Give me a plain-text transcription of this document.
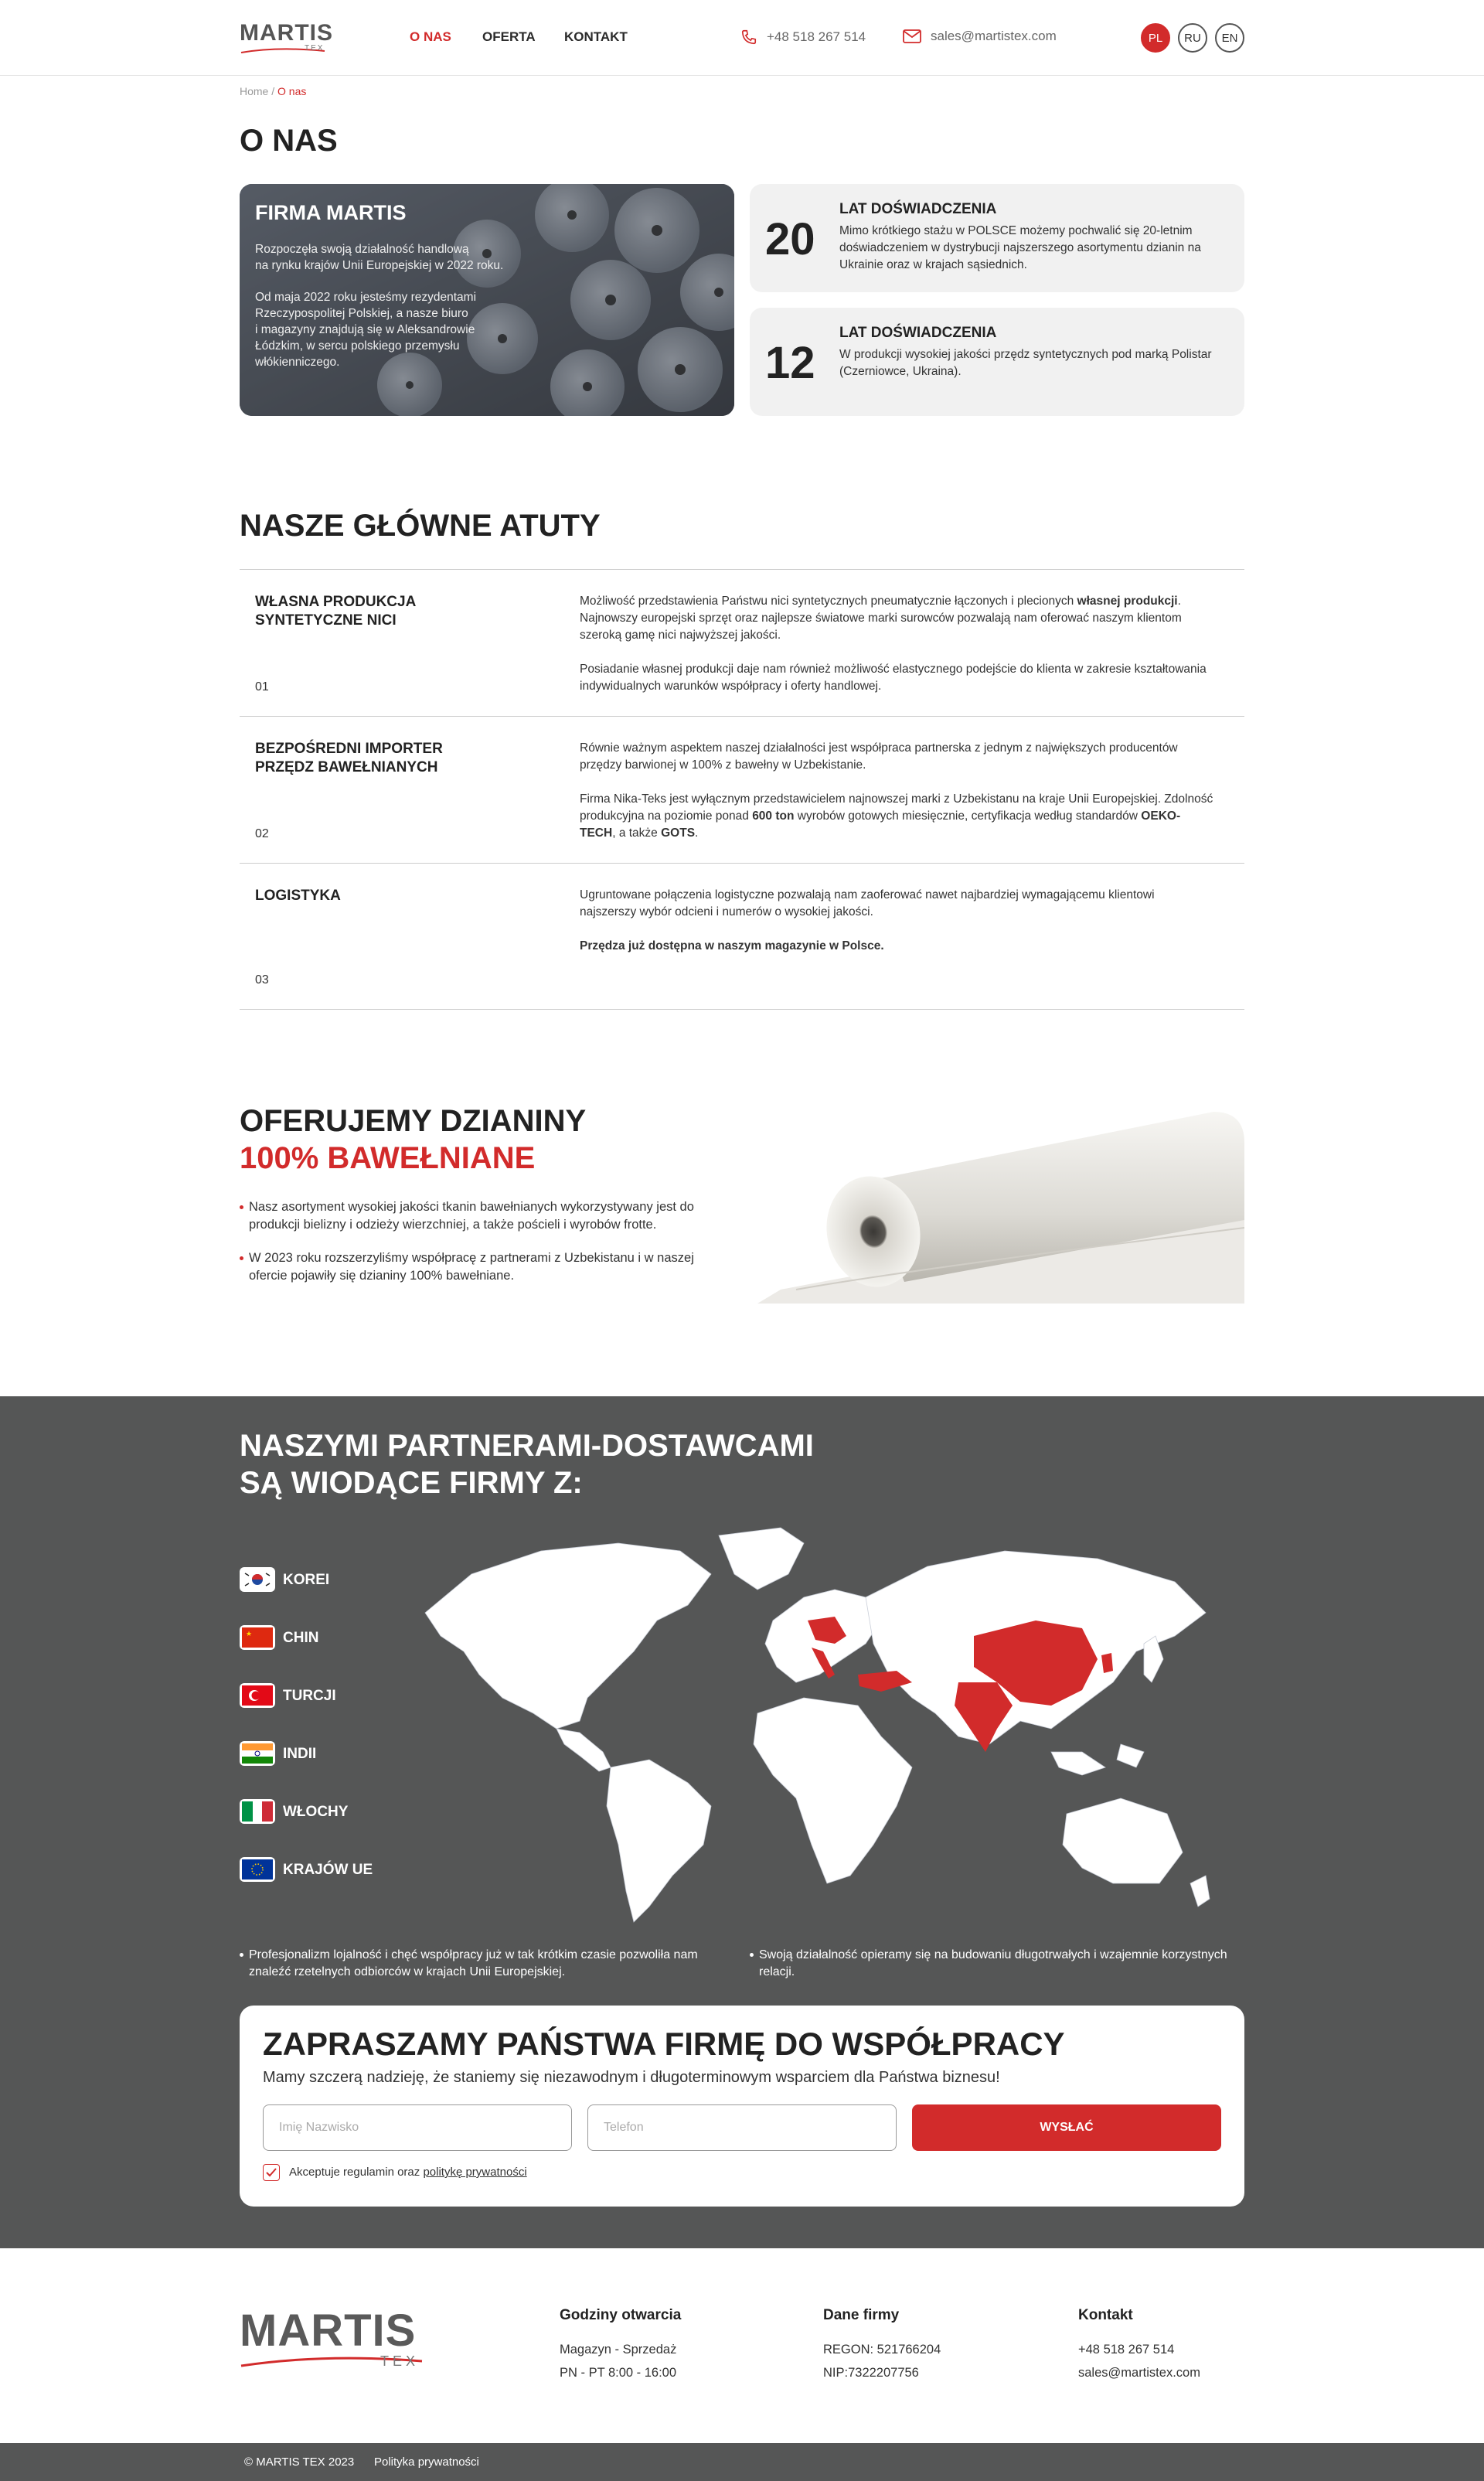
MARTIS
TEX
O NAS OFERTA KONTAKT	+48 518 267 514	sales@martistex.com	PL	RU	EN
Home / O nas
O NAS
FIRMA MARTIS

Rozpoczęła swoją działalność handlową
na rynku krajów Unii Europejskiej w 2022 roku.

Od maja 2022 roku jesteśmy rezydentami
Rzeczypospolitej Polskiej, a nasze biuro
i magazyny znajdują się w Aleksandrowie
Łódzkim, w sercu polskiego przemysłu
włókienniczego.

20
LAT DOŚWIADCZENIA

Mimo krótkiego stażu w POLSCE możemy pochwalić się 20-letnim doświadczeniem w dystrybucji najszerszego asortymentu dzianin na Ukrainie oraz w krajach sąsiednich.

12
LAT DOŚWIADCZENIA

W produkcji wysokiej jakości przędz syntetycznych pod marką Polistar (Czerniowce, Ukraina).

NASZE GŁÓWNE ATUTY
WŁASNA PRODUKCJA SYNTETYCZNE NICI
01

Możliwość przedstawienia Państwu nici syntetycznych pneumatycznie łączonych i plecionych własnej produkcji. Najnowszy europejski sprzęt oraz najlepsze światowe marki surowców pozwalają nam oferować naszym klientom szeroką gamę nici najwyższej jakości.

Posiadanie własnej produkcji daje nam również możliwość elastycznego podejście do klienta w zakresie kształtowania indywidualnych warunków współpracy i oferty handlowej.

BEZPOŚREDNI IMPORTER PRZĘDZ BAWEŁNIANYCH
02

Równie ważnym aspektem naszej działalności jest współpraca partnerska z jednym z największych producentów przędzy barwionej w 100% z bawełny w Uzbekistanie.

Firma Nika-Teks jest wyłącznym przedstawicielem najnowszej marki z Uzbekistanu na kraje Unii Europejskiej. Zdolność produkcyjna na poziomie ponad 600 ton wyrobów gotowych miesięcznie, certyfikacja według standardów OEKO-TECH, a także GOTS.

LOGISTYKA
03

Ugruntowane połączenia logistyczne pozwalają nam zaoferować nawet najbardziej wymagającemu klientowi najszerszy wybór odcieni i numerów o wysokiej jakości.

Przędza już dostępna w naszym magazynie w Polsce.

OFERUJEMY DZIANINY
100% BAWEŁNIANE
Nasz asortyment wysokiej jakości tkanin bawełnianych wykorzystywany jest do produkcji bielizny i odzieży wierzchniej, a także pościeli i wyrobów frotte.
W 2023 roku rozszerzyliśmy współpracę z partnerami z Uzbekistanu i w naszej ofercie pojawiły się dzianiny 100% bawełniane.
NASZYMI PARTNERAMI-DOSTAWCAMI
SĄ WIODĄCE FIRMY Z:
KOREI
★ CHIN
TURCJI
INDII
WŁOCHY
KRAJÓW UE
Profesjonalizm lojalność i chęć współpracy już w tak krótkim czasie pozwoliła nam znaleźć rzetelnych odbiorców w krajach Unii Europejskiej.
Swoją działalność opieramy się na budowaniu długotrwałych i wzajemnie korzystnych relacji.
ZAPRASZAMY PAŃSTWA FIRMĘ DO WSPÓŁPRACY
Mamy szczerą nadzieję, że staniemy się niezawodnym i długoterminowym wsparciem dla Państwa biznesu!
Imię Nazwisko	Telefon	WYSŁAĆ
Akceptuje regulamin oraz politykę prywatności
MARTIS
TEX
Godziny otwarcia
Magazyn - Sprzedaż
PN - PT 8:00 - 16:00
Dane firmy
REGON: 521766204
NIP:7322207756
Kontakt
+48 518 267 514
sales@martistex.com
© MARTIS TEX 2023 Polityka prywatności
